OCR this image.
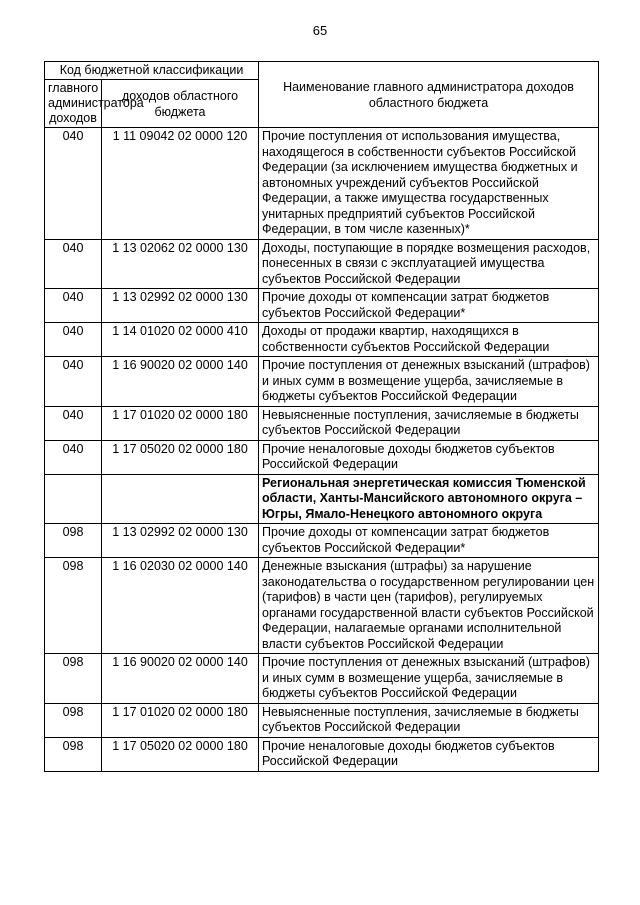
65
Код бюджетной классификации		Наименование главного администратора доходов областного бюджета
главного администратора доходов	доходов областного бюджета	
040	1 11 09042 02 0000 120	Прочие поступления от использования имущества, находящегося в собственности субъектов Российской Федерации (за исключением имущества бюджетных и автономных учреждений субъектов Российской Федерации, а также имущества государственных унитарных предприятий субъектов Российской Федерации, в том числе казенных)*
040	1 13 02062 02 0000 130	Доходы, поступающие в порядке возмещения расходов, понесенных в связи с эксплуатацией имущества субъектов Российской Федерации
040	1 13 02992 02 0000 130	Прочие доходы от компенсации затрат бюджетов субъектов Российской Федерации*
040	1 14 01020 02 0000 410	Доходы от продажи квартир, находящихся в собственности субъектов Российской Федерации
040	1 16 90020 02 0000 140	Прочие поступления от денежных взысканий (штрафов) и иных сумм в возмещение ущерба, зачисляемые в бюджеты субъектов Российской Федерации
040	1 17 01020 02 0000 180	Невыясненные поступления, зачисляемые в бюджеты субъектов Российской Федерации
040	1 17 05020 02 0000 180	Прочие неналоговые доходы бюджетов субъектов Российской Федерации
		Региональная энергетическая комиссия Тюменской области, Ханты-Мансийского автономного округа – Югры, Ямало-Ненецкого автономного округа
098	1 13 02992 02 0000 130	Прочие доходы от компенсации затрат бюджетов субъектов Российской Федерации*
098	1 16 02030 02 0000 140	Денежные взыскания (штрафы) за нарушение законодательства о государственном регулировании цен (тарифов) в части цен (тарифов), регулируемых органами государственной власти субъектов Российской Федерации, налагаемые органами исполнительной власти субъектов Российской Федерации
098	1 16 90020 02 0000 140	Прочие поступления от денежных взысканий (штрафов) и иных сумм в возмещение ущерба, зачисляемые в бюджеты субъектов Российской Федерации
098	1 17 01020 02 0000 180	Невыясненные поступления, зачисляемые в бюджеты субъектов Российской Федерации
098	1 17 05020 02 0000 180	Прочие неналоговые доходы бюджетов субъектов Российской Федерации
